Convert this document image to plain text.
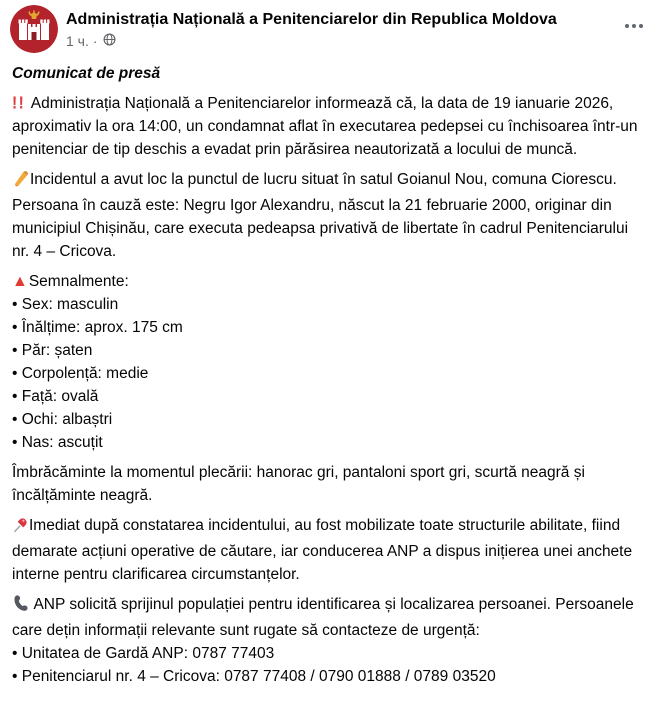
Administrația Națională a Penitenciarelor din Republica Moldova
1 ч. ·

Comunicat de presă

!! Administrația Națională a Penitenciarelor informează că, la data de 19 ianuarie 2026, aproximativ la ora 14:00, un condamnat aflat în executarea pedepsei cu închisoarea într-un penitenciar de tip deschis a evadat prin părăsirea neautorizată a locului de muncă.

Incidentul a avut loc la punctul de lucru situat în satul Goianul Nou, comuna Ciorescu. Persoana în cauză este: Negru Igor Alexandru, născut la 21 februarie 2000, originar din municipiul Chișinău, care executa pedeapsa privativă de libertate în cadrul Penitenciarului nr. 4 – Cricova.

▲Semnalmente:
• Sex: masculin
• Înălțime: aprox. 175 cm
• Păr: șaten
• Corpolență: medie
• Față: ovală
• Ochi: albaștri
• Nas: ascuțit

Îmbrăcăminte la momentul plecării: hanorac gri, pantaloni sport gri, scurtă neagră și încălțăminte neagră.

Imediat după constatarea incidentului, au fost mobilizate toate structurile abilitate, fiind demarate acțiuni operative de căutare, iar conducerea ANP a dispus inițierea unei anchete interne pentru clarificarea circumstanțelor.

ANP solicită sprijinul populației pentru identificarea și localizarea persoanei. Persoanele care dețin informații relevante sunt rugate să contacteze de urgență:
• Unitatea de Gardă ANP: 0787 77403
• Penitenciarul nr. 4 – Cricova: 0787 77408 / 0790 01888 / 0789 03520
